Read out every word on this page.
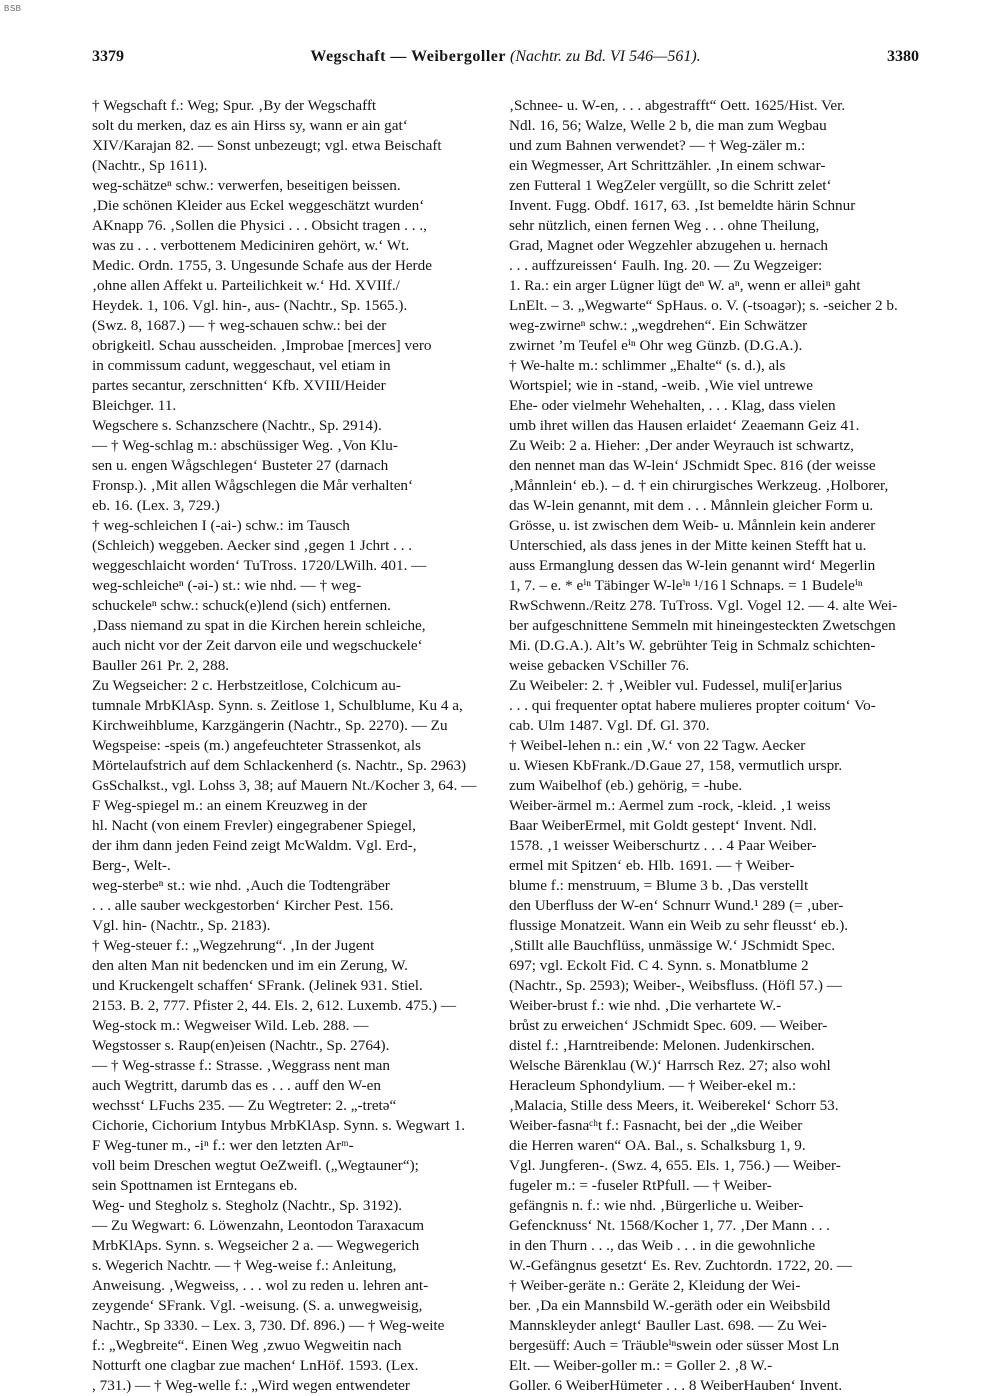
BSB
3379	Wegschaft — Weibergoller (Nachtr. zu Bd. VI 546—561).	3380
† Wegschaft f.: Weg; Spur. ‚By der Wegschafft
solt du merken, daz es ain Hirss sy, wann er ain gat‘
XIV/Karajan 82. — Sonst unbezeugt; vgl. etwa Beischaft
(Nachtr., Sp 1611).
weg-schätzeⁿ schw.: verwerfen, beseitigen beissen.
‚Die schönen Kleider aus Eckel weggeschätzt wurden‘
AKnapp 76. ‚Sollen die Physici . . . Obsicht tragen . . .,
was zu . . . verbottenem Mediciniren gehört, w.‘ Wt.
Medic. Ordn. 1755, 3. Ungesunde Schafe aus der Herde
‚ohne allen Affekt u. Parteilichkeit w.‘ Hd. XVIIf./
Heydek. 1, 106. Vgl. hin-, aus- (Nachtr., Sp. 1565.).
(Swz. 8, 1687.) — † weg-schauen schw.: bei der
obrigkeitl. Schau ausscheiden. ‚Improbae [merces] vero
in commissum cadunt, weggeschaut, vel etiam in
partes secantur, zerschnitten‘ Kfb. XVIII/Heider
Bleichger. 11.
Wegschere s. Schanzschere (Nachtr., Sp. 2914).
— † Weg-schlag m.: abschüssiger Weg. ‚Von Klu-
sen u. engen Wågschlegen‘ Busteter 27 (darnach
Fronsp.). ‚Mit allen Wågschlegen die Mår verhalten‘
eb. 16. (Lex. 3, 729.)
† weg-schleichen I (-ai-) schw.: im Tausch
(Schleich) weggeben. Aecker sind ‚gegen 1 Jchrt . . .
weggeschlaicht worden‘ TuTross. 1720/LWilh. 401. —
weg-schleicheⁿ (-ǝi-) st.: wie nhd. — † weg-
schuckeleⁿ schw.: schuck(e)lend (sich) entfernen.
‚Dass niemand zu spat in die Kirchen herein schleiche,
auch nicht vor der Zeit darvon eile und wegschuckele‘
Bauller 261 Pr. 2, 288.
Zu Wegseicher: 2 c. Herbstzeitlose, Colchicum au-
tumnale MrbKlAsp. Synn. s. Zeitlose 1, Schulblume, Ku 4 a,
Kirchweihblume, Karzgängerin (Nachtr., Sp. 2270). — Zu
Wegspeise: -speis (m.) angefeuchteter Strassenkot, als
Mörtelaufstrich auf dem Schlackenherd (s. Nachtr., Sp. 2963)
GsSchalkst., vgl. Lohss 3, 38; auf Mauern Nt./Kocher 3, 64. —
F Weg-spiegel m.: an einem Kreuzweg in der
hl. Nacht (von einem Frevler) eingegrabener Spiegel,
der ihm dann jeden Feind zeigt McWaldm. Vgl. Erd-,
Berg-, Welt-.
weg-sterbeⁿ st.: wie nhd. ‚Auch die Todtengräber
. . . alle sauber weckgestorben‘ Kircher Pest. 156.
Vgl. hin- (Nachtr., Sp. 2183).
† Weg-steuer f.: „Wegzehrung“. ‚In der Jugent
den alten Man nit bedencken und im ein Zerung, W.
und Kruckengelt schaffen‘ SFrank. (Jelinek 931. Stiel.
2153. B. 2, 777. Pfister 2, 44. Els. 2, 612. Luxemb. 475.) —
Weg-stock m.: Wegweiser Wild. Leb. 288. —
Wegstosser s. Raup(en)eisen (Nachtr., Sp. 2764).
— † Weg-strasse f.: Strasse. ‚Weggrass nent man
auch Wegtritt, darumb das es . . . auff den W-en
wechsst‘ LFuchs 235. — Zu Wegtreter: 2. „-tretǝ“
Cichorie, Cichorium Intybus MrbKlAsp. Synn. s. Wegwart 1.
F Weg-tuner m., -iⁿ f.: wer den letzten Arᵐ-
voll beim Dreschen wegtut OeZweifl. („Wegtauner“);
sein Spottnamen ist Erntegans eb.
Weg- und Stegholz s. Stegholz (Nachtr., Sp. 3192).
— Zu Wegwart: 6. Löwenzahn, Leontodon Taraxacum
MrbKlAps. Synn. s. Wegseicher 2 a. — Wegwegerich
s. Wegerich Nachtr. — † Weg-weise f.: Anleitung,
Anweisung. ‚Wegweiss, . . . wol zu reden u. lehren ant-
zeygende‘ SFrank. Vgl. -weisung. (S. a. unwegweisig,
Nachtr., Sp 3330. – Lex. 3, 730. Df. 896.) — † Weg-weite
f.: „Wegbreite“. Einen Weg ‚zwuo Wegweitin nach
Notturft one clagbar zue machen‘ LnHöf. 1593. (Lex.
, 731.) — † Weg-welle f.: „Wird wegen entwendeter
‚Schnee- u. W-en, . . . abgestrafft“ Oett. 1625/Hist. Ver.
Ndl. 16, 56; Walze, Welle 2 b, die man zum Wegbau
und zum Bahnen verwendet? — † Weg-zäler m.:
ein Wegmesser, Art Schrittzähler. ‚In einem schwar-
zen Futteral 1 WegZeler vergüllt, so die Schritt zelet‘
Invent. Fugg. Obdf. 1617, 63. ‚Ist bemeldte härin Schnur
sehr nützlich, einen fernen Weg . . . ohne Theilung,
Grad, Magnet oder Wegzehler abzugehen u. hernach
. . . auffzureissen‘ Faulh. Ing. 20. — Zu Wegzeiger:
1. Ra.: ein arger Lügner lügt deⁿ W. aⁿ, wenn er alleiⁿ gaht
LnElt. – 3. „Wegwarte“ SpHaus. o. V. (-tsoagǝr); s. -seicher 2 b.
weg-zwirneⁿ schw.: „wegdrehen“. Ein Schwätzer
zwirnet ’m Teufel eⁱⁿ Ohr weg Günzb. (D.G.A.).
† We-halte m.: schlimmer „Ehalte“ (s. d.), als
Wortspiel; wie in -stand, -weib. ‚Wie viel untrewe
Ehe- oder vielmehr Wehehalten, . . . Klag, dass vielen
umb ihret willen das Hausen erlaidet‘ Zeaemann Geiz 41.
Zu Weib: 2 a. Hieher: ‚Der ander Weyrauch ist schwartz,
den nennet man das W-lein‘ JSchmidt Spec. 816 (der weisse
‚Månnlein‘ eb.). – d. † ein chirurgisches Werkzeug. ‚Holborer,
das W-lein genannt, mit dem . . . Månnlein gleicher Form u.
Grösse, u. ist zwischen dem Weib- u. Månnlein kein anderer
Unterschied, als dass jenes in der Mitte keinen Stefft hat u.
auss Ermanglung dessen das W-lein genannt wird‘ Megerlin
1, 7. – e. * eⁱⁿ Täbinger W-leⁱⁿ ¹/16 l Schnaps. = 1 Budeleⁱⁿ
RwSchwenn./Reitz 278. TuTross. Vgl. Vogel 12. — 4. alte Wei-
ber aufgeschnittene Semmeln mit hineingesteckten Zwetschgen
Mi. (D.G.A.). Alt’s W. gebrühter Teig in Schmalz schichten-
weise gebacken VSchiller 76.
Zu Weibeler: 2. † ‚Weibler vul. Fudessel, muli[er]arius
. . . qui frequenter optat habere mulieres propter coitum‘ Vo-
cab. Ulm 1487. Vgl. Df. Gl. 370.
† Weibel-lehen n.: ein ‚W.‘ von 22 Tagw. Aecker
u. Wiesen KbFrank./D.Gaue 27, 158, vermutlich urspr.
zum Waibelhof (eb.) gehörig, = -hube.
Weiber-ärmel m.: Aermel zum -rock, -kleid. ‚1 weiss
Baar WeiberErmel, mit Goldt gestept‘ Invent. Ndl.
1578. ‚1 weisser Weiberschurtz . . . 4 Paar Weiber-
ermel mit Spitzen‘ eb. Hlb. 1691. — † Weiber-
blume f.: menstruum, = Blume 3 b. ‚Das verstellt
den Uberfluss der W-en‘ Schnurr Wund.¹ 289 (= ‚uber-
flussige Monatzeit. Wann ein Weib zu sehr fleusst‘ eb.).
‚Stillt alle Bauchflüss, unmässige W.‘ JSchmidt Spec.
697; vgl. Eckolt Fid. C 4. Synn. s. Monatblume 2
(Nachtr., Sp. 2593); Weiber-, Weibsfluss. (Höfl 57.) —
Weiber-brust f.: wie nhd. ‚Die verhartete W.-
brůst zu erweichen‘ JSchmidt Spec. 609. — Weiber-
distel f.: ‚Harntreibende: Melonen. Judenkirschen.
Welsche Bärenklau (W.)‘ Harrsch Rez. 27; also wohl
Heracleum Sphondylium. — † Weiber-ekel m.:
‚Malacia, Stille dess Meers, it. Weiberekel‘ Schorr 53.
Weiber-fasnaᶜʰt f.: Fasnacht, bei der „die Weiber
die Herren waren“ OA. Bal., s. Schalksburg 1, 9.
Vgl. Jungferen-. (Swz. 4, 655. Els. 1, 756.) — Weiber-
fugeler m.: = -fuseler RtPfull. — † Weiber-
gefängnis n. f.: wie nhd. ‚Bürgerliche u. Weiber-
Gefencknuss‘ Nt. 1568/Kocher 1, 77. ‚Der Mann . . .
in den Thurn . . ., das Weib . . . in die gewohnliche
W.-Gefängnus gesetzt‘ Es. Rev. Zuchtordn. 1722, 20. —
† Weiber-geräte n.: Geräte 2, Kleidung der Wei-
ber. ‚Da ein Mannsbild W.-geräth oder ein Weibsbild
Mannskleyder anlegt‘ Bauller Last. 698. — Zu Wei-
bergesüff: Auch = Träubleⁱⁿswein oder süsser Most Ln
Elt. — Weiber-goller m.: = Goller 2. ‚8 W.-
Goller. 6 WeiberHümeter . . . 8 WeiberHauben‘ Invent.
